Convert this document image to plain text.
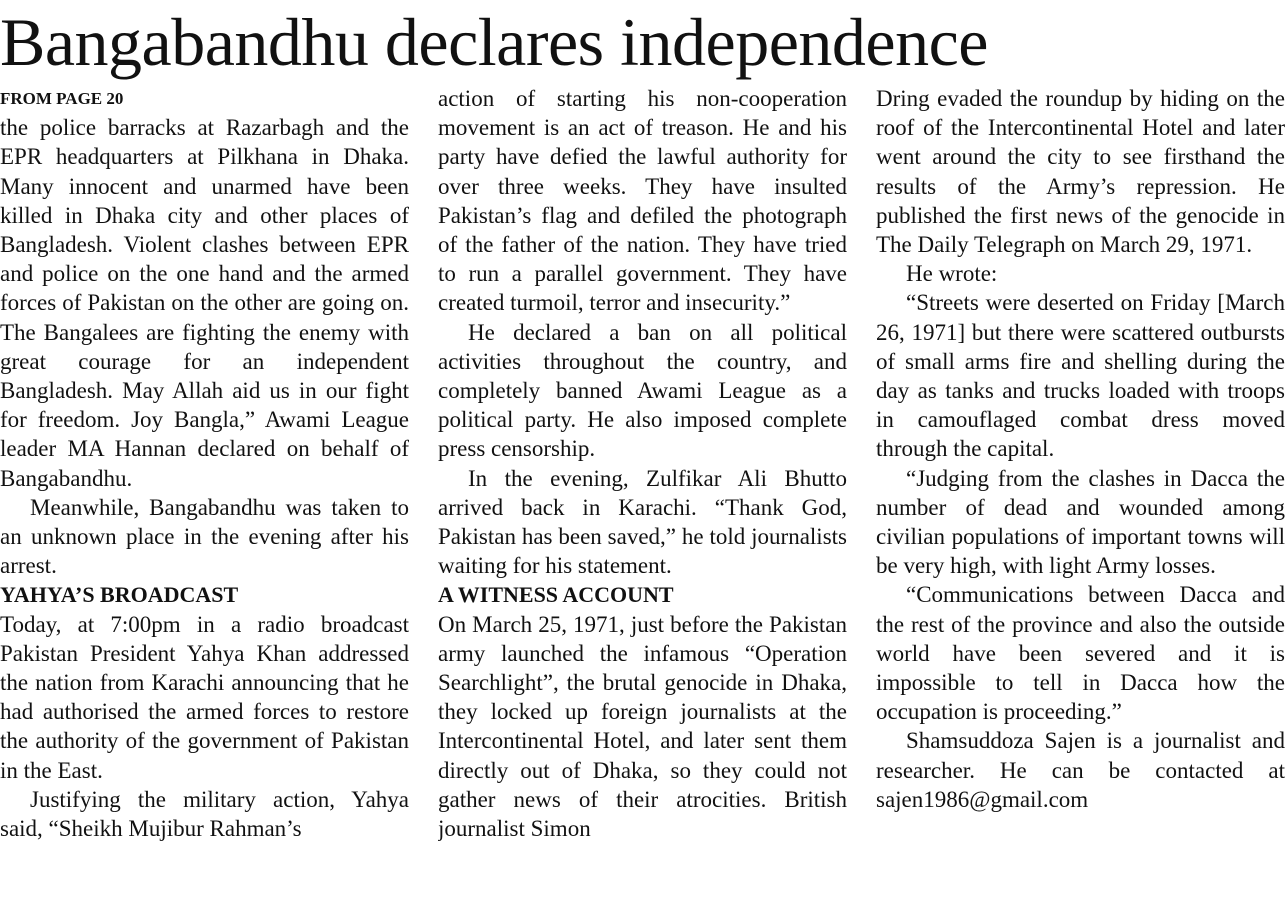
Bangabandhu declares independence
FROM PAGE 20

the police barracks at Razarbagh and the EPR headquarters at Pilkhana in Dhaka. Many innocent and unarmed have been killed in Dhaka city and other places of Bangladesh. Violent clashes between EPR and police on the one hand and the armed forces of Pakistan on the other are going on. The Bangalees are fighting the enemy with great courage for an independent Bangladesh. May Allah aid us in our fight for freedom. Joy Bangla,” Awami League leader MA Hannan declared on behalf of Bangabandhu.

Meanwhile, Bangabandhu was taken to an unknown place in the evening after his arrest.

YAHYA’S BROADCAST

Today, at 7:00pm in a radio broadcast Pakistan President Yahya Khan addressed the nation from Karachi announcing that he had authorised the armed forces to restore the authority of the government of Pakistan in the East.

Justifying the military action, Yahya said, “Sheikh Mujibur Rahman’s

action of starting his non-cooperation movement is an act of treason. He and his party have defied the lawful authority for over three weeks. They have insulted Pakistan’s flag and defiled the photograph of the father of the nation. They have tried to run a parallel government. They have created turmoil, terror and insecurity.”

He declared a ban on all political activities throughout the country, and completely banned Awami League as a political party. He also imposed complete press censorship.

In the evening, Zulfikar Ali Bhutto arrived back in Karachi. “Thank God, Pakistan has been saved,” he told journalists waiting for his statement.

A WITNESS ACCOUNT

On March 25, 1971, just before the Pakistan army launched the infamous “Operation Searchlight”, the brutal genocide in Dhaka, they locked up foreign journalists at the Intercontinental Hotel, and later sent them directly out of Dhaka, so they could not gather news of their atrocities. British journalist Simon

Dring evaded the roundup by hiding on the roof of the Intercontinental Hotel and later went around the city to see firsthand the results of the Army’s repression. He published the first news of the genocide in The Daily Telegraph on March 29, 1971.

He wrote:

“Streets were deserted on Friday [March 26, 1971] but there were scattered outbursts of small arms fire and shelling during the day as tanks and trucks loaded with troops in camouflaged combat dress moved through the capital.

“Judging from the clashes in Dacca the number of dead and wounded among civilian populations of important towns will be very high, with light Army losses.

“Communications between Dacca and the rest of the province and also the outside world have been severed and it is impossible to tell in Dacca how the occupation is proceeding.”

Shamsuddoza Sajen is a journalist and researcher. He can be contacted at sajen1986@gmail.com
